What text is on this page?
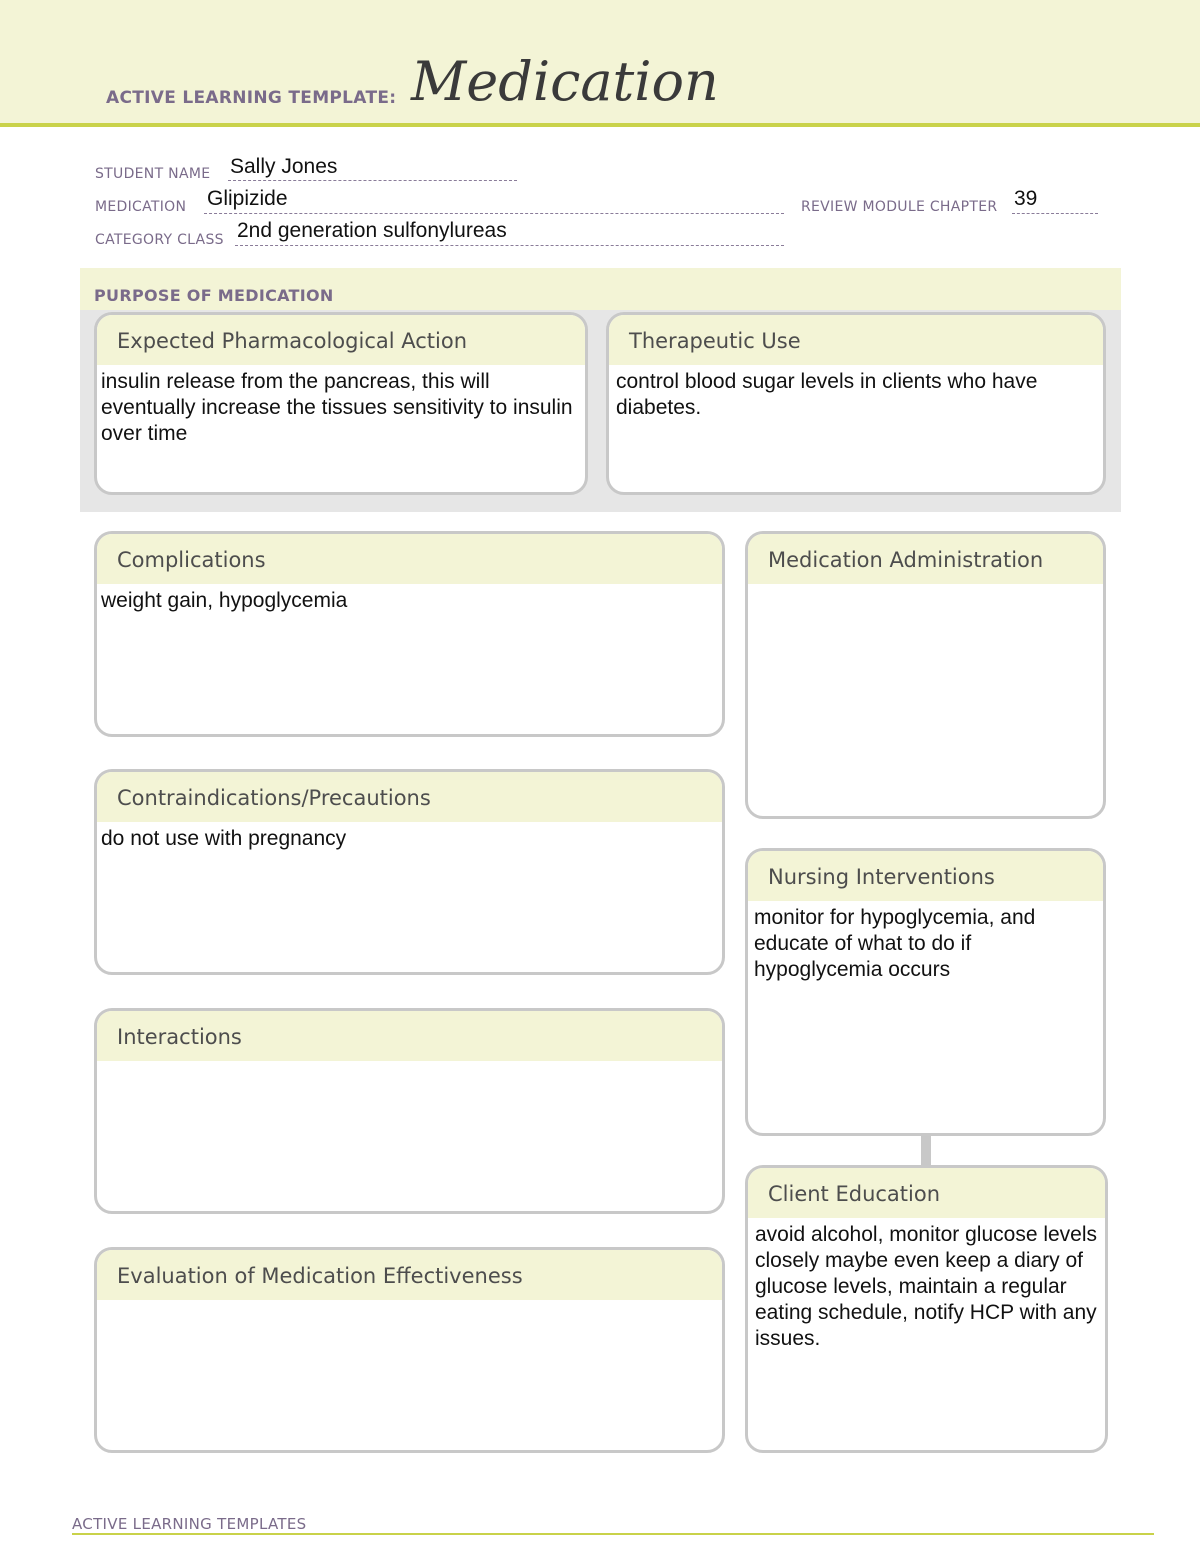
ACTIVE LEARNING TEMPLATE: Medication
STUDENT NAME Sally Jones
MEDICATION Glipizide	REVIEW MODULE CHAPTER 39
CATEGORY CLASS 2nd generation sulfonylureas
PURPOSE OF MEDICATION
Expected Pharmacological Action
insulin release from the pancreas, this will eventually increase the tissues sensitivity to insulin over time
Therapeutic Use
control blood sugar levels in clients who have diabetes.
Complications
weight gain, hypoglycemia
Contraindications/Precautions
do not use with pregnancy
Interactions
Evaluation of Medication Effectiveness
Medication Administration
Nursing Interventions
monitor for hypoglycemia, and educate of what to do if hypoglycemia occurs
Client Education
avoid alcohol, monitor glucose levels closely maybe even keep a diary of glucose levels, maintain a regular eating schedule, notify HCP with any issues.
ACTIVE LEARNING TEMPLATES
